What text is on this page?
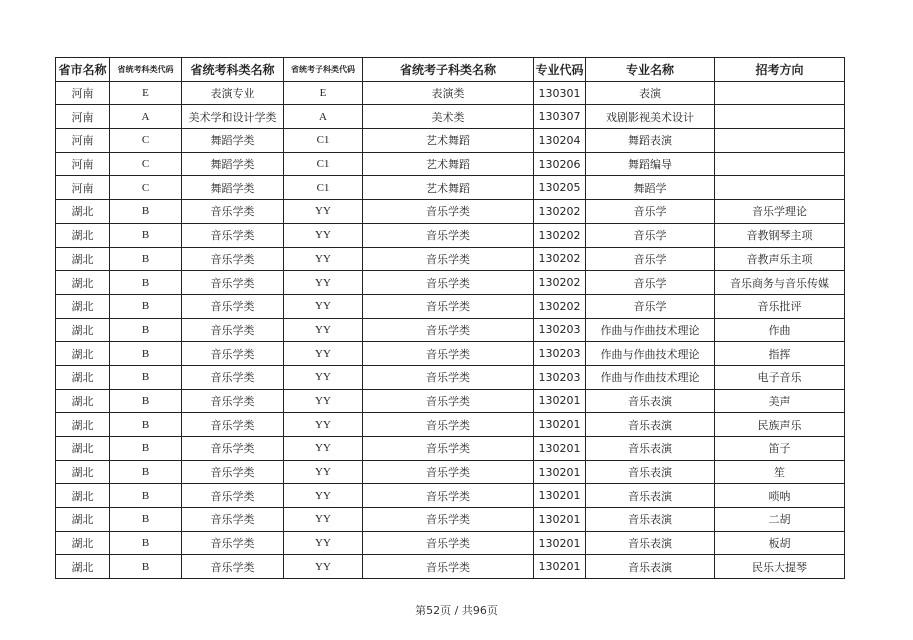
省市名称	省统考科类代码	省统考科类名称	省统考子科类代码	省统考子科类名称	专业代码	专业名称	招考方向
河南	E	表演专业	E	表演类	130301	表演	
河南	A	美术学和设计学类	A	美术类	130307	戏剧影视美术设计	
河南	C	舞蹈学类	C1	艺术舞蹈	130204	舞蹈表演	
河南	C	舞蹈学类	C1	艺术舞蹈	130206	舞蹈编导	
河南	C	舞蹈学类	C1	艺术舞蹈	130205	舞蹈学	
湖北	B	音乐学类	YY	音乐学类	130202	音乐学	音乐学理论
湖北	B	音乐学类	YY	音乐学类	130202	音乐学	音教钢琴主项
湖北	B	音乐学类	YY	音乐学类	130202	音乐学	音教声乐主项
湖北	B	音乐学类	YY	音乐学类	130202	音乐学	音乐商务与音乐传媒
湖北	B	音乐学类	YY	音乐学类	130202	音乐学	音乐批评
湖北	B	音乐学类	YY	音乐学类	130203	作曲与作曲技术理论	作曲
湖北	B	音乐学类	YY	音乐学类	130203	作曲与作曲技术理论	指挥
湖北	B	音乐学类	YY	音乐学类	130203	作曲与作曲技术理论	电子音乐
湖北	B	音乐学类	YY	音乐学类	130201	音乐表演	美声
湖北	B	音乐学类	YY	音乐学类	130201	音乐表演	民族声乐
湖北	B	音乐学类	YY	音乐学类	130201	音乐表演	笛子
湖北	B	音乐学类	YY	音乐学类	130201	音乐表演	笙
湖北	B	音乐学类	YY	音乐学类	130201	音乐表演	唢呐
湖北	B	音乐学类	YY	音乐学类	130201	音乐表演	二胡
湖北	B	音乐学类	YY	音乐学类	130201	音乐表演	板胡
湖北	B	音乐学类	YY	音乐学类	130201	音乐表演	民乐大提琴
第52页 / 共96页
